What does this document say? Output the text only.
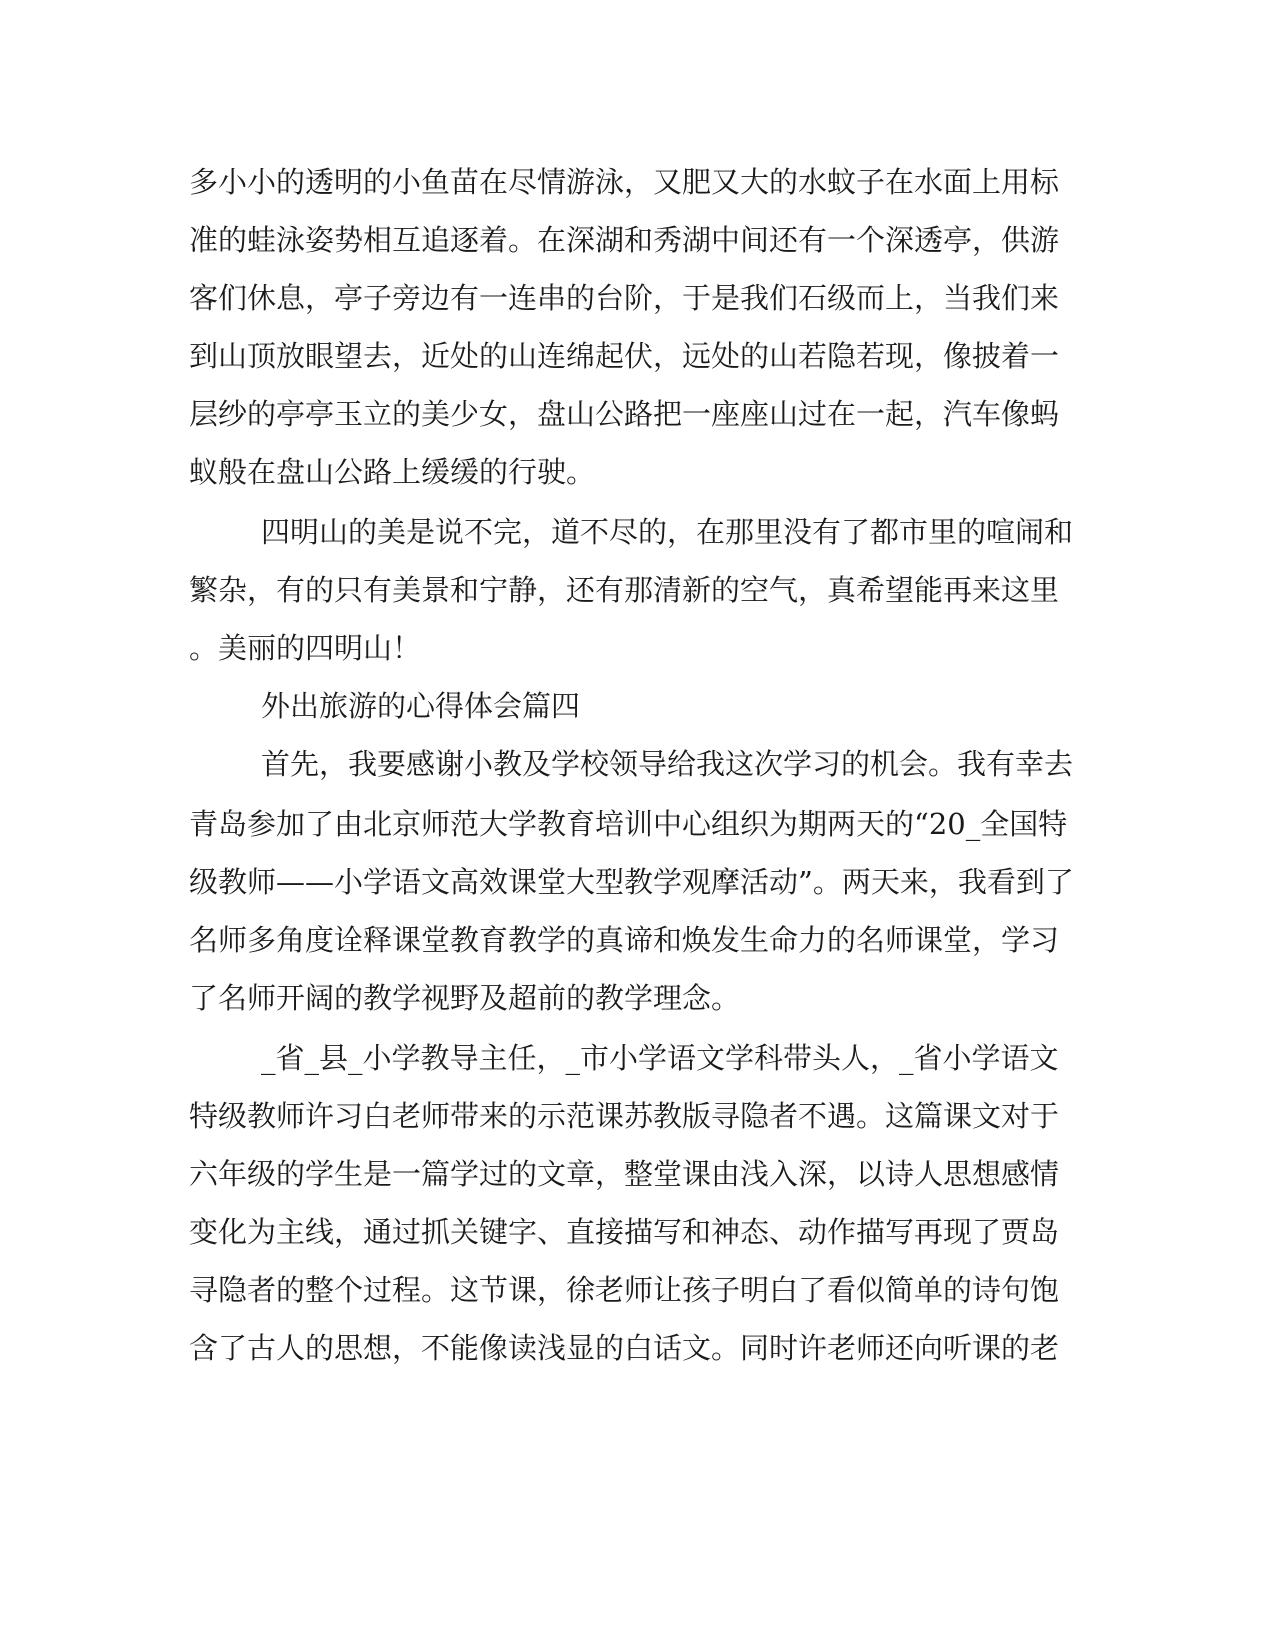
多小小的透明的小鱼苗在尽情游泳，又肥又大的水蚊子在水面上用标
准的蛙泳姿势相互追逐着。在深湖和秀湖中间还有一个深透亭，供游
客们休息，亭子旁边有一连串的台阶，于是我们石级而上，当我们来
到山顶放眼望去，近处的山连绵起伏，远处的山若隐若现，像披着一
层纱的亭亭玉立的美少女，盘山公路把一座座山过在一起，汽车像蚂
蚁般在盘山公路上缓缓的行驶。
四明山的美是说不完，道不尽的，在那里没有了都市里的喧闹和
繁杂，有的只有美景和宁静，还有那清新的空气，真希望能再来这里
。美丽的四明山！
外出旅游的心得体会篇四
首先，我要感谢小教及学校领导给我这次学习的机会。我有幸去
青岛参加了由北京师范大学教育培训中心组织为期两天的“20_全国特
级教师——小学语文高效课堂大型教学观摩活动”。两天来，我看到了
名师多角度诠释课堂教育教学的真谛和焕发生命力的名师课堂，学习
了名师开阔的教学视野及超前的教学理念。
_省_县_小学教导主任，_市小学语文学科带头人，_省小学语文
特级教师许习白老师带来的示范课苏教版寻隐者不遇。这篇课文对于
六年级的学生是一篇学过的文章，整堂课由浅入深，以诗人思想感情
变化为主线，通过抓关键字、直接描写和神态、动作描写再现了贾岛
寻隐者的整个过程。这节课，徐老师让孩子明白了看似简单的诗句饱
含了古人的思想，不能像读浅显的白话文。同时许老师还向听课的老
